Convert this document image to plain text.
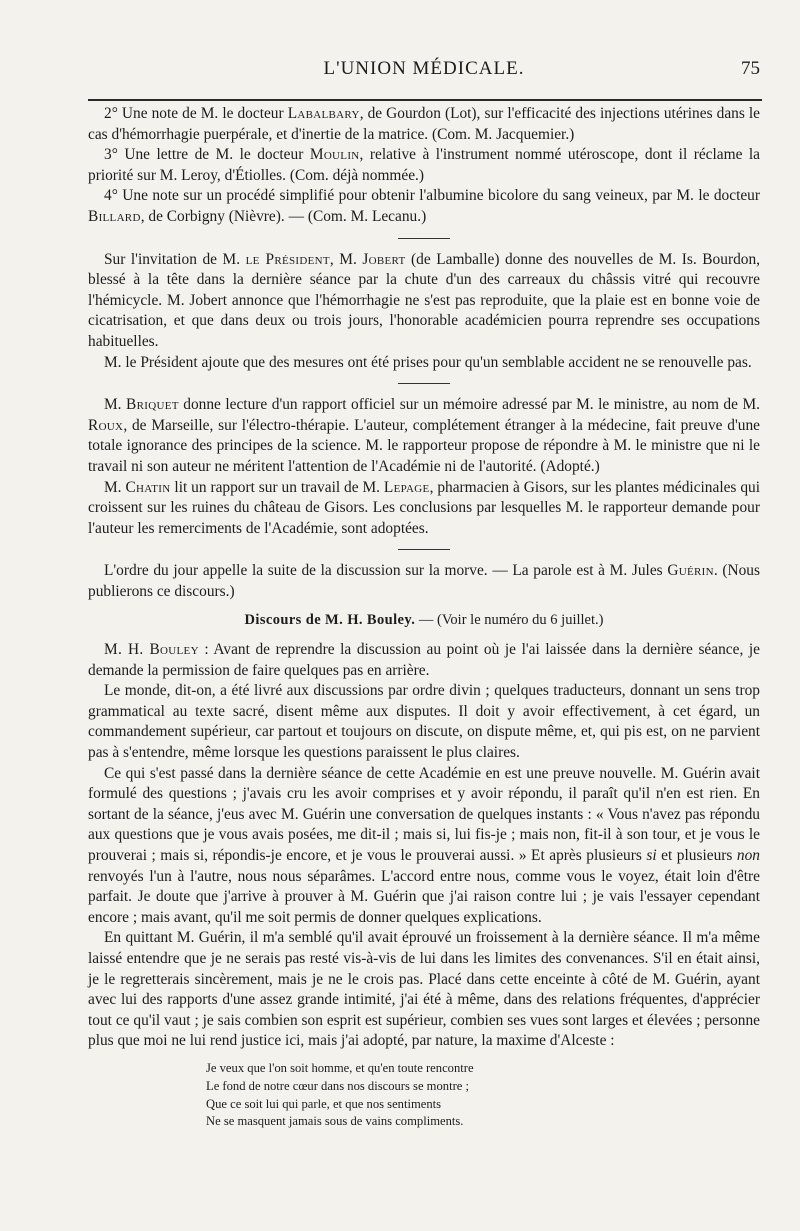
L'UNION MÉDICALE.	75

2° Une note de M. le docteur Labalbary, de Gourdon (Lot), sur l'efficacité des injections utérines dans le cas d'hémorrhagie puerpérale, et d'inertie de la matrice. (Com. M. Jacquemier.)

3° Une lettre de M. le docteur Moulin, relative à l'instrument nommé utéroscope, dont il réclame la priorité sur M. Leroy, d'Étiolles. (Com. déjà nommée.)

4° Une note sur un procédé simplifié pour obtenir l'albumine bicolore du sang veineux, par M. le docteur Billard, de Corbigny (Nièvre). — (Com. M. Lecanu.)

Sur l'invitation de M. le Président, M. Jobert (de Lamballe) donne des nouvelles de M. Is. Bourdon, blessé à la tête dans la dernière séance par la chute d'un des carreaux du châssis vitré qui recouvre l'hémicycle. M. Jobert annonce que l'hémorrhagie ne s'est pas reproduite, que la plaie est en bonne voie de cicatrisation, et que dans deux ou trois jours, l'honorable académicien pourra reprendre ses occupations habituelles.

M. le Président ajoute que des mesures ont été prises pour qu'un semblable accident ne se renouvelle pas.

M. Briquet donne lecture d'un rapport officiel sur un mémoire adressé par M. le ministre, au nom de M. Roux, de Marseille, sur l'électro-thérapie. L'auteur, complétement étranger à la médecine, fait preuve d'une totale ignorance des principes de la science. M. le rapporteur propose de répondre à M. le ministre que ni le travail ni son auteur ne méritent l'attention de l'Académie ni de l'autorité. (Adopté.)

M. Chatin lit un rapport sur un travail de M. Lepage, pharmacien à Gisors, sur les plantes médicinales qui croissent sur les ruines du château de Gisors. Les conclusions par lesquelles M. le rapporteur demande pour l'auteur les remerciments de l'Académie, sont adoptées.

L'ordre du jour appelle la suite de la discussion sur la morve. — La parole est à M. Jules Guérin. (Nous publierons ce discours.)

Discours de M. H. Bouley. — (Voir le numéro du 6 juillet.)

M. H. Bouley : Avant de reprendre la discussion au point où je l'ai laissée dans la dernière séance, je demande la permission de faire quelques pas en arrière.

Le monde, dit-on, a été livré aux discussions par ordre divin ; quelques traducteurs, donnant un sens trop grammatical au texte sacré, disent même aux disputes. Il doit y avoir effectivement, à cet égard, un commandement supérieur, car partout et toujours on discute, on dispute même, et, qui pis est, on ne parvient pas à s'entendre, même lorsque les questions paraissent le plus claires.

Ce qui s'est passé dans la dernière séance de cette Académie en est une preuve nouvelle. M. Guérin avait formulé des questions ; j'avais cru les avoir comprises et y avoir répondu, il paraît qu'il n'en est rien. En sortant de la séance, j'eus avec M. Guérin une conversation de quelques instants : « Vous n'avez pas répondu aux questions que je vous avais posées, me dit-il ; mais si, lui fis-je ; mais non, fit-il à son tour, et je vous le prouverai ; mais si, répondis-je encore, et je vous le prouverai aussi. » Et après plusieurs si et plusieurs non renvoyés l'un à l'autre, nous nous séparâmes. L'accord entre nous, comme vous le voyez, était loin d'être parfait. Je doute que j'arrive à prouver à M. Guérin que j'ai raison contre lui ; je vais l'essayer cependant encore ; mais avant, qu'il me soit permis de donner quelques explications.

En quittant M. Guérin, il m'a semblé qu'il avait éprouvé un froissement à la dernière séance. Il m'a même laissé entendre que je ne serais pas resté vis-à-vis de lui dans les limites des convenances. S'il en était ainsi, je le regretterais sincèrement, mais je ne le crois pas. Placé dans cette enceinte à côté de M. Guérin, ayant avec lui des rapports d'une assez grande intimité, j'ai été à même, dans des relations fréquentes, d'apprécier tout ce qu'il vaut ; je sais combien son esprit est supérieur, combien ses vues sont larges et élevées ; personne plus que moi ne lui rend justice ici, mais j'ai adopté, par nature, la maxime d'Alceste :

Je veux que l'on soit homme, et qu'en toute rencontre
Le fond de notre cœur dans nos discours se montre ;
Que ce soit lui qui parle, et que nos sentiments
Ne se masquent jamais sous de vains compliments.
